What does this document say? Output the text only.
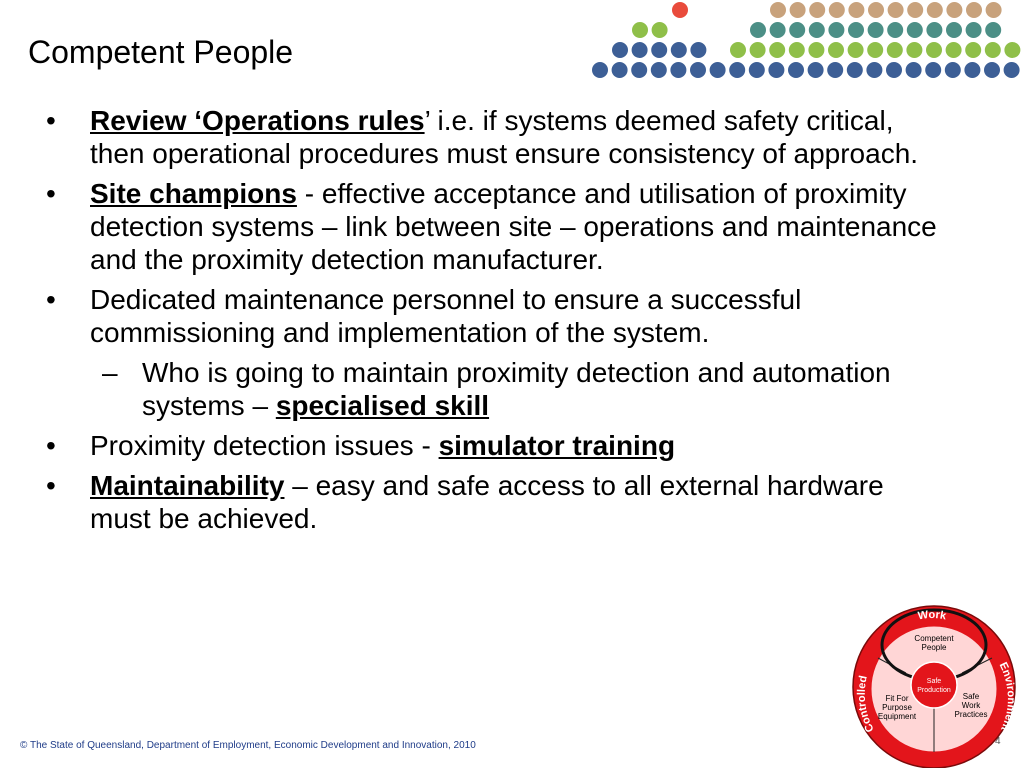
Competent People
• Review ‘Operations rules’ i.e. if systems deemed safety critical, then operational procedures must ensure consistency of approach.
• Site champions - effective acceptance and utilisation of proximity detection systems – link between site – operations and maintenance and the proximity detection manufacturer.
• Dedicated maintenance personnel to ensure a successful commissioning and implementation of the system.
– Who is going to maintain proximity detection and automation systems – specialised skill
• Proximity detection issues - simulator training
• Maintainability – easy and safe access to all external hardware must be achieved.
Work
Controlled
Environment
Competent
People
Safe
Production
Fit For
Purpose
Equipment
Safe
Work
Practices
© The State of Queensland, Department of Employment, Economic Development and Innovation, 2010	4
